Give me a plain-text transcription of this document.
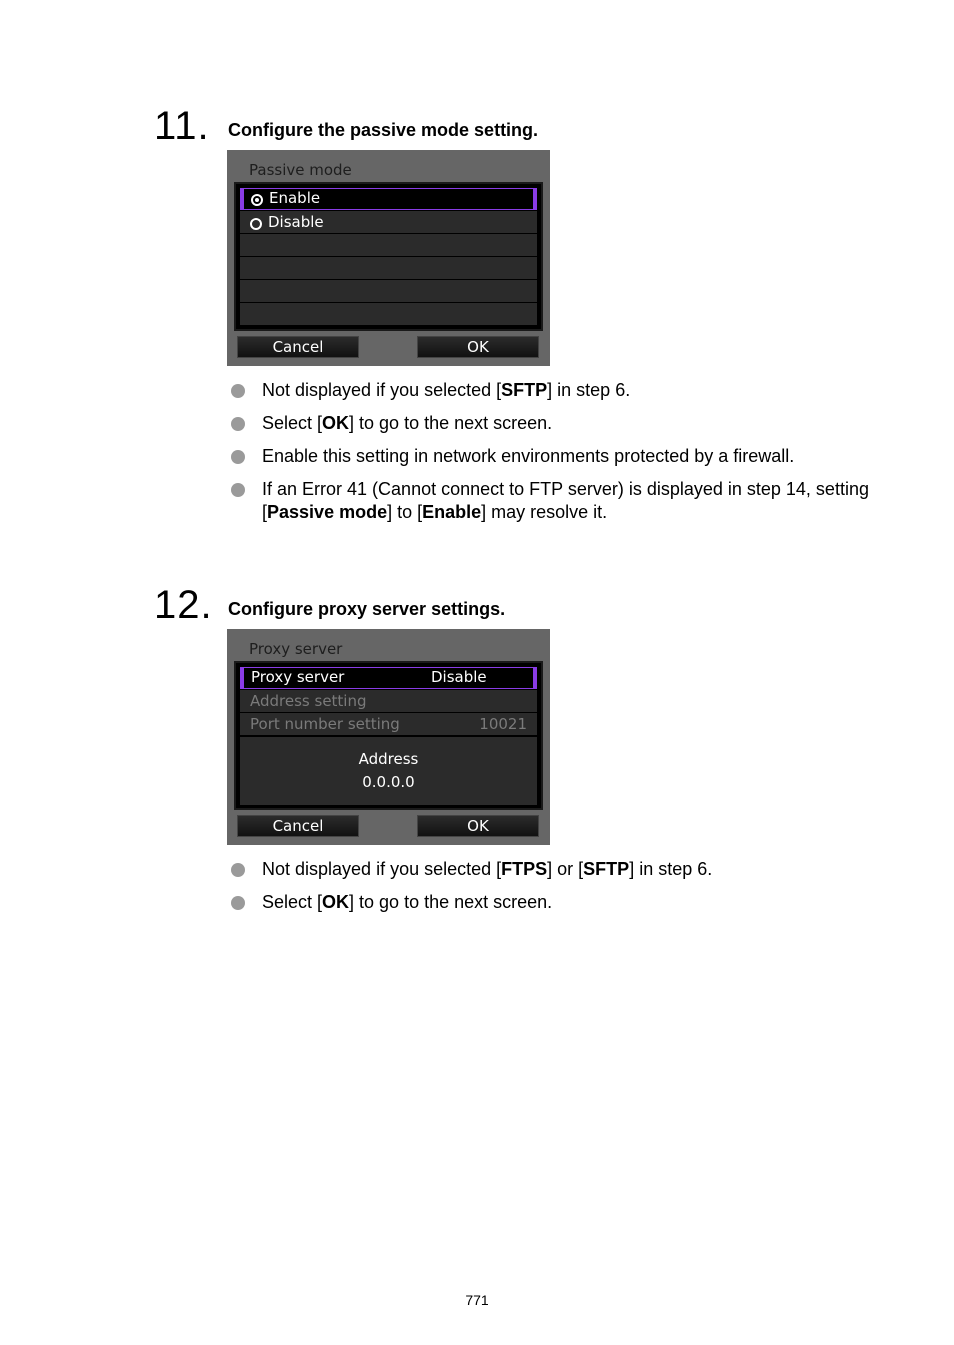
11. Configure the passive mode setting.
Passive mode
Enable
Disable
Cancel	OK
Not displayed if you selected [SFTP] in step 6.
Select [OK] to go to the next screen.
Enable this setting in network environments protected by a firewall.
If an Error 41 (Cannot connect to FTP server) is displayed in step 14, setting [Passive mode] to [Enable] may resolve it.
12. Configure proxy server settings.
Proxy server
Proxy server	Disable
Address setting
Port number setting	10021
Address
0.0.0.0
Cancel	OK
Not displayed if you selected [FTPS] or [SFTP] in step 6.
Select [OK] to go to the next screen.
771
